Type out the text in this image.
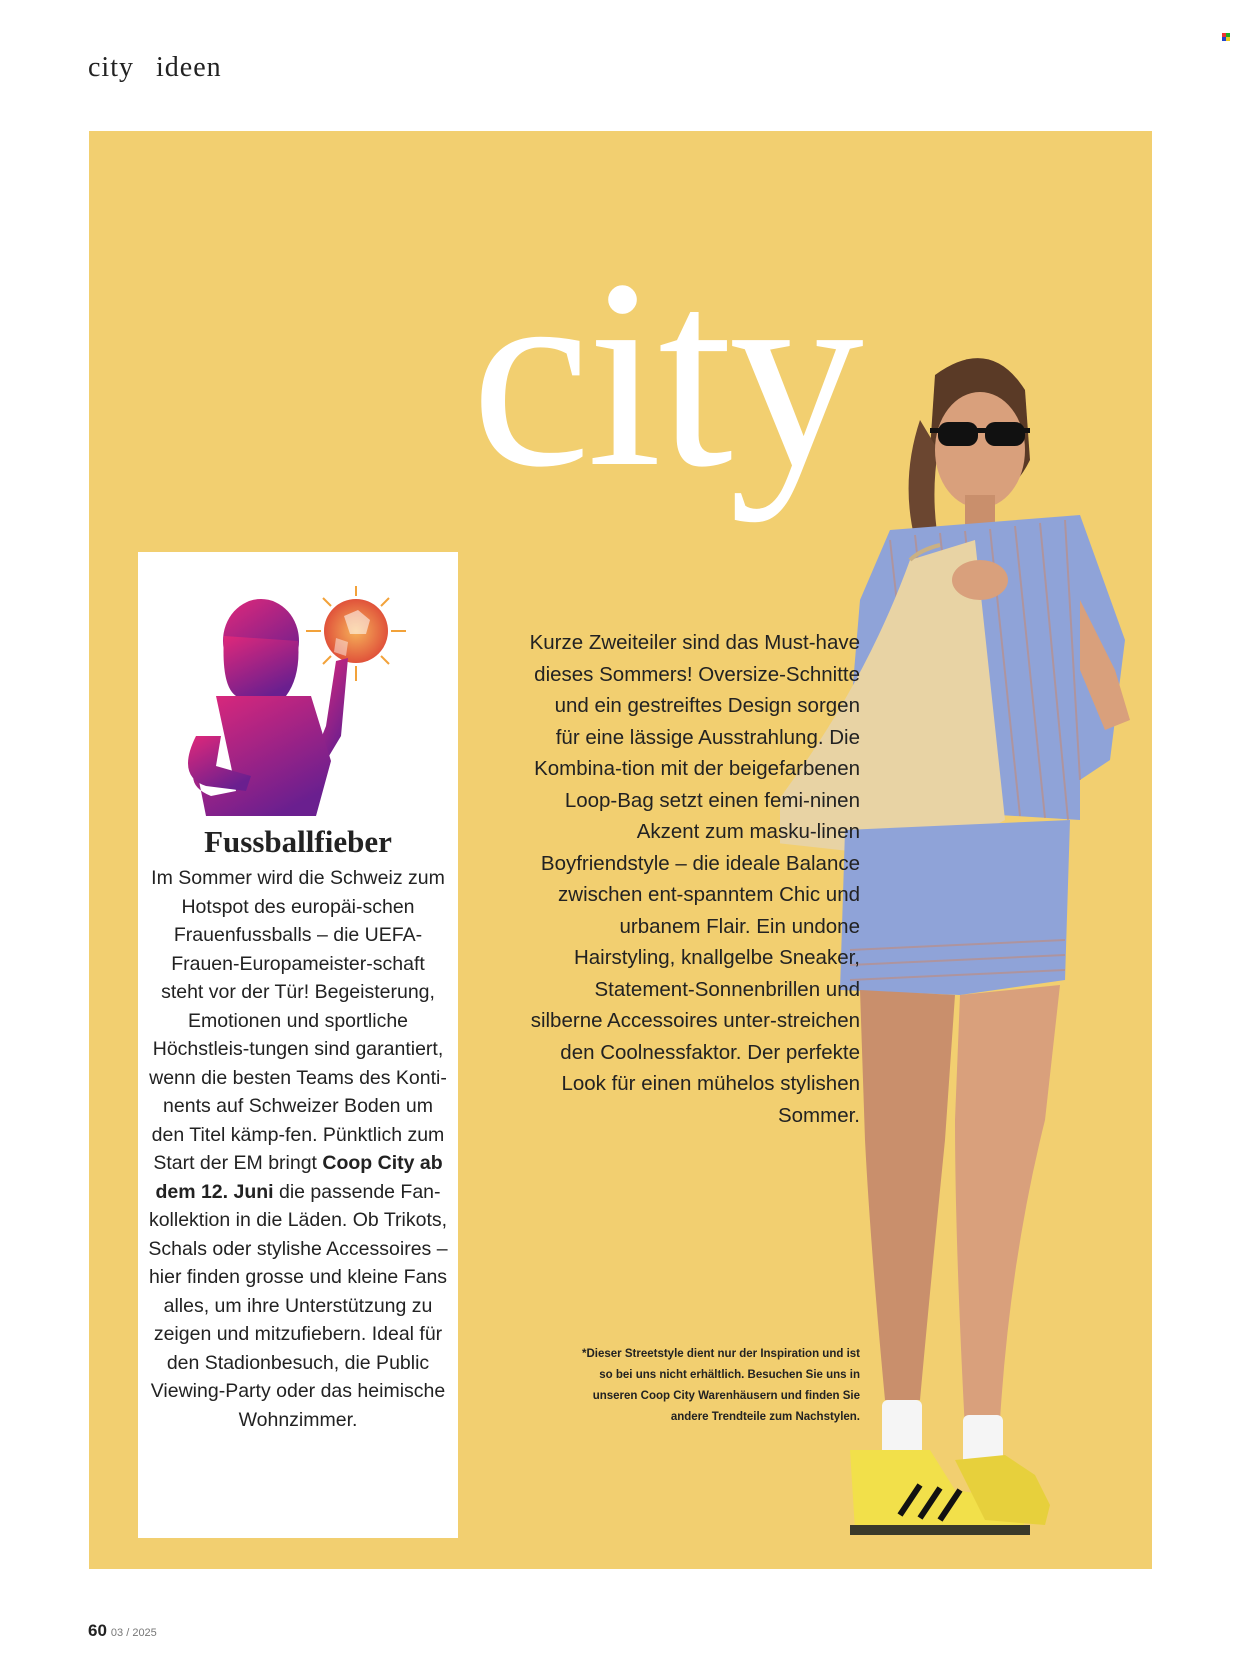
city ideen
city
Fussballfieber
Im Sommer wird die Schweiz zum Hotspot des europäi-schen Frauenfussballs – die UEFA-Frauen-Europameister-schaft steht vor der Tür! Begeisterung, Emotionen und sportliche Höchstleis-tungen sind garantiert, wenn die besten Teams des Konti-nents auf Schweizer Boden um den Titel kämp-fen. Pünktlich zum Start der EM bringt Coop City ab dem 12. Juni die passende Fan-kollektion in die Läden. Ob Trikots, Schals oder stylishe Accessoires – hier finden grosse und kleine Fans alles, um ihre Unterstützung zu zeigen und mitzufiebern. Ideal für den Stadionbesuch, die Public Viewing-Party oder das heimische Wohnzimmer.
Kurze Zweiteiler sind das Must-have dieses Sommers! Oversize-Schnitte und ein gestreiftes Design sorgen für eine lässige Ausstrahlung. Die Kombina-tion mit der beigefarbenen Loop-Bag setzt einen femi-ninen Akzent zum masku-linen Boyfriendstyle – die ideale Balance zwischen ent-spanntem Chic und urbanem Flair. Ein undone Hairstyling, knallgelbe Sneaker, Statement-Sonnenbrillen und silberne Accessoires unter-streichen den Coolnessfaktor. Der perfekte Look für einen mühelos stylishen Sommer.
*Dieser Streetstyle dient nur der Inspiration und ist so bei uns nicht erhältlich. Besuchen Sie uns in unseren Coop City Warenhäusern und finden Sie andere Trendteile zum Nachstylen.
60 03 / 2025
